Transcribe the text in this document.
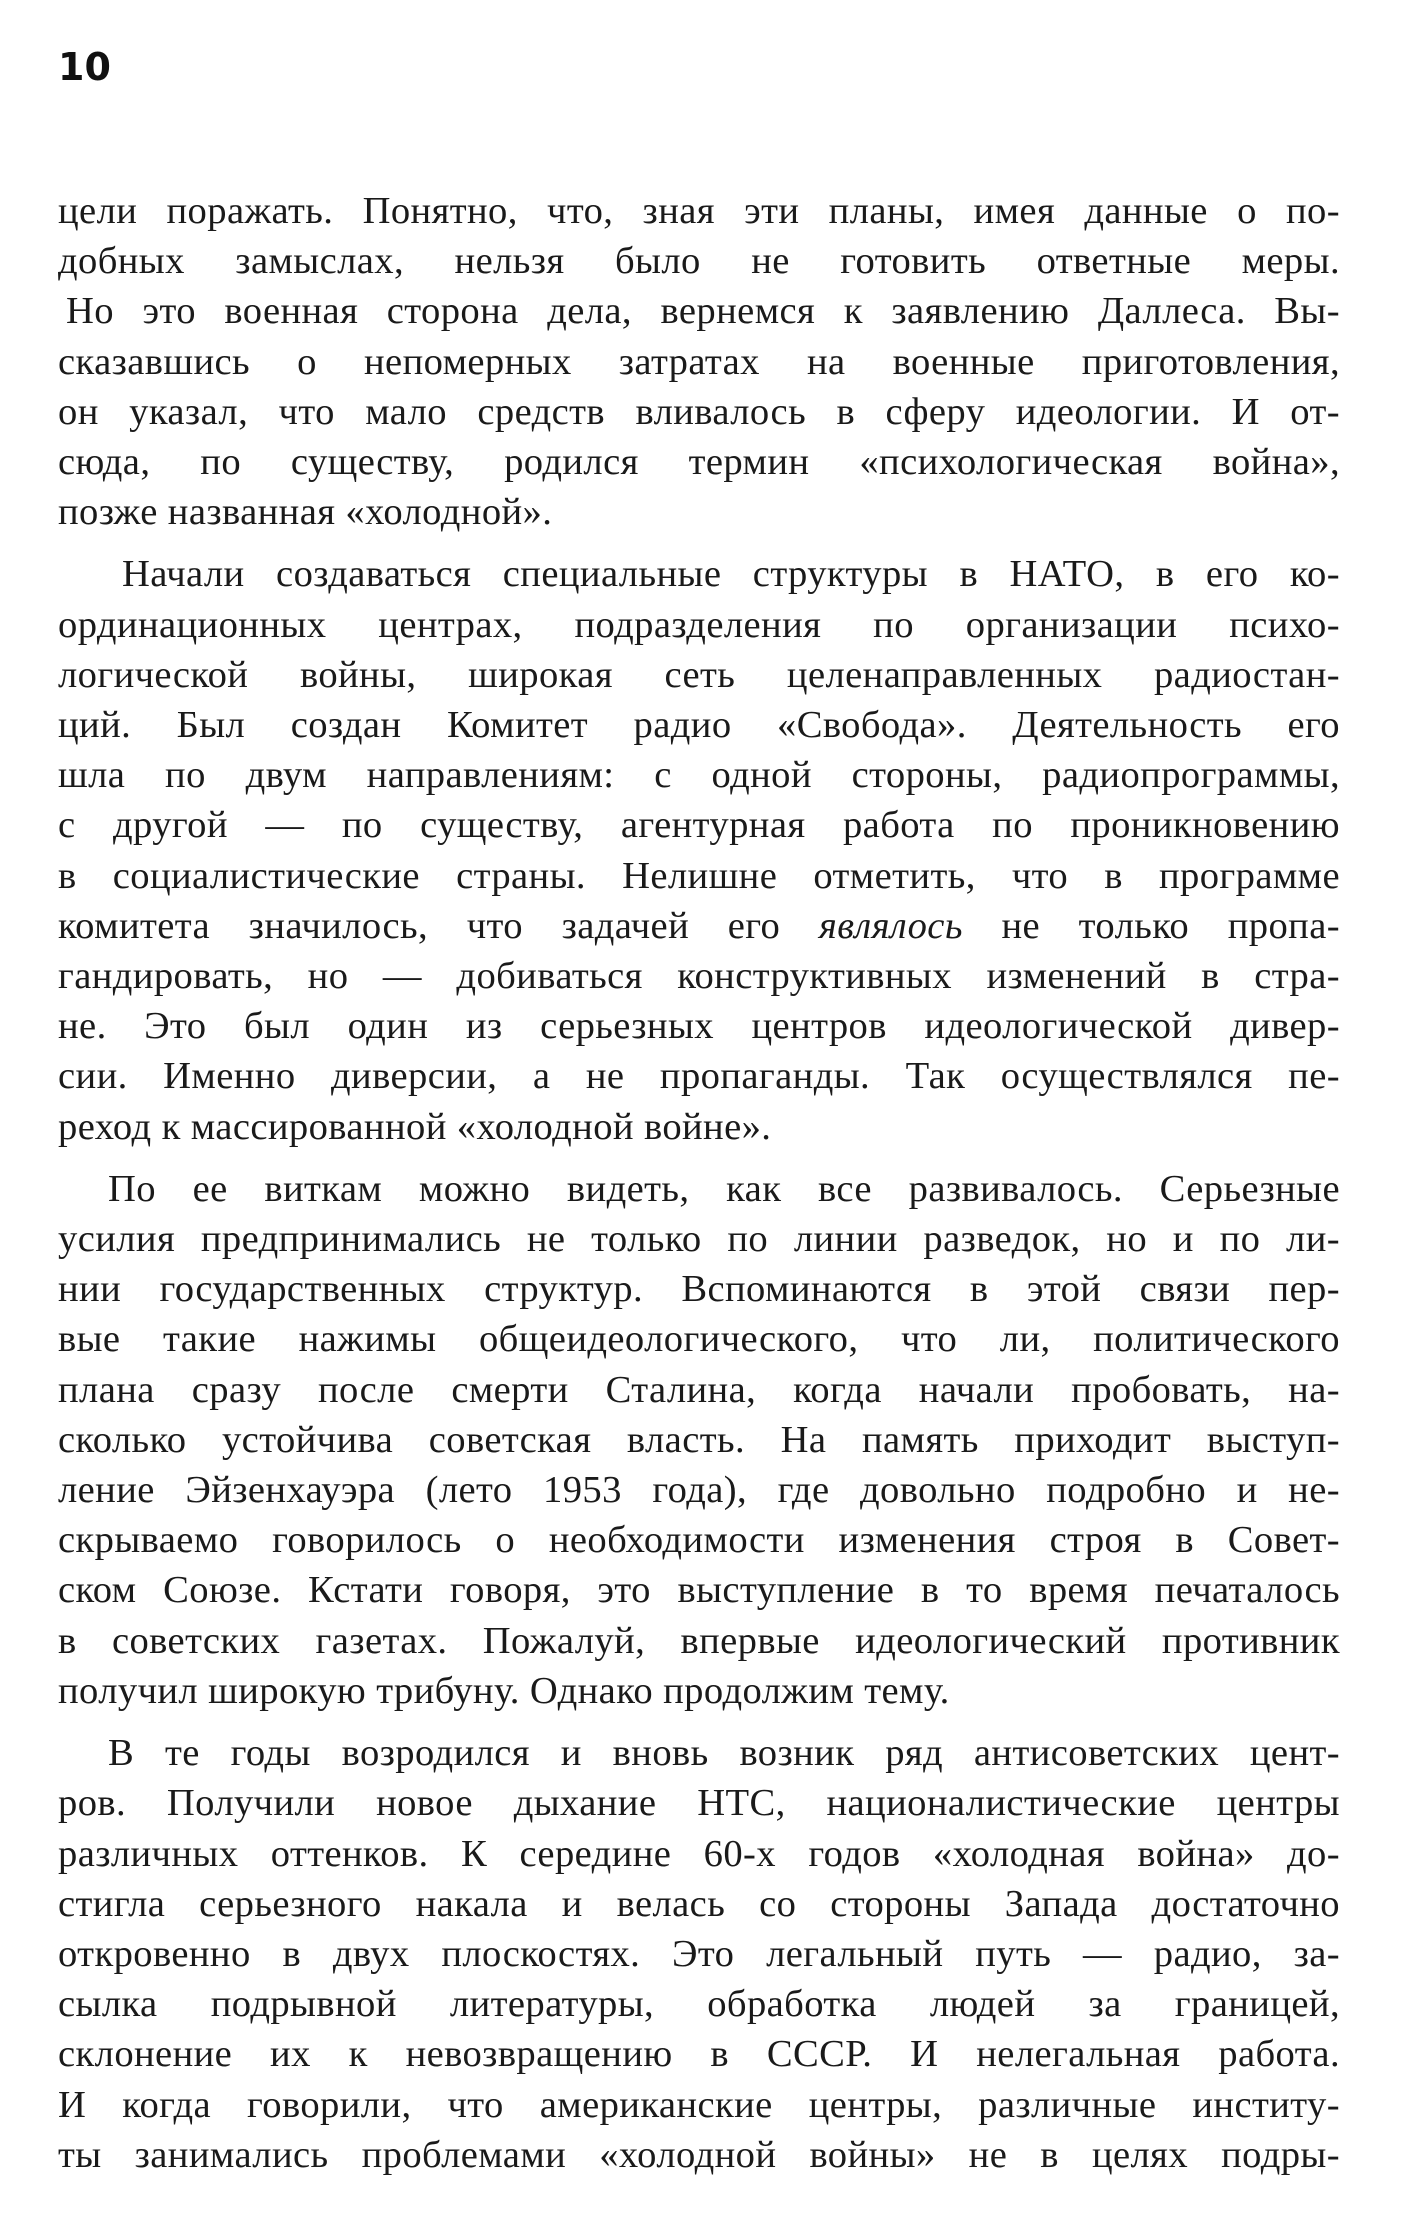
10
цели поражать. Понятно, что, зная эти планы, имея данные о по-
добных замыслах, нельзя было не готовить ответные меры.
Но это военная сторона дела, вернемся к заявлению Даллеса. Вы-
сказавшись о непомерных затратах на военные приготовления,
он указал, что мало средств вливалось в сферу идеологии. И от-
сюда, по существу, родился термин «психологическая война»,
позже названная «холодной».
Начали создаваться специальные структуры в НАТО, в его ко-
ординационных центрах, подразделения по организации психо-
логической войны, широкая сеть целенаправленных радиостан-
ций. Был создан Комитет радио «Свобода». Деятельность его
шла по двум направлениям: с одной стороны, радиопрограммы,
с другой — по существу, агентурная работа по проникновению
в социалистические страны. Нелишне отметить, что в программе
комитета значилось, что задачей его являлось не только пропа-
гандировать, но — добиваться конструктивных изменений в стра-
не. Это был один из серьезных центров идеологической дивер-
сии. Именно диверсии, а не пропаганды. Так осуществлялся пе-
реход к массированной «холодной войне».
По ее виткам можно видеть, как все развивалось. Серьезные
усилия предпринимались не только по линии разведок, но и по ли-
нии государственных структур. Вспоминаются в этой связи пер-
вые такие нажимы общеидеологического, что ли, политического
плана сразу после смерти Сталина, когда начали пробовать, на-
сколько устойчива советская власть. На память приходит выступ-
ление Эйзенхауэра (лето 1953 года), где довольно подробно и не-
скрываемо говорилось о необходимости изменения строя в Совет-
ском Союзе. Кстати говоря, это выступление в то время печаталось
в советских газетах. Пожалуй, впервые идеологический противник
получил широкую трибуну. Однако продолжим тему.
В те годы возродился и вновь возник ряд антисоветских цент-
ров. Получили новое дыхание НТС, националистические центры
различных оттенков. К середине 60-х годов «холодная война» до-
стигла серьезного накала и велась со стороны Запада достаточно
откровенно в двух плоскостях. Это легальный путь — радио, за-
сылка подрывной литературы, обработка людей за границей,
склонение их к невозвращению в СССР. И нелегальная работа.
И когда говорили, что американские центры, различные институ-
ты занимались проблемами «холодной войны» не в целях подры-
